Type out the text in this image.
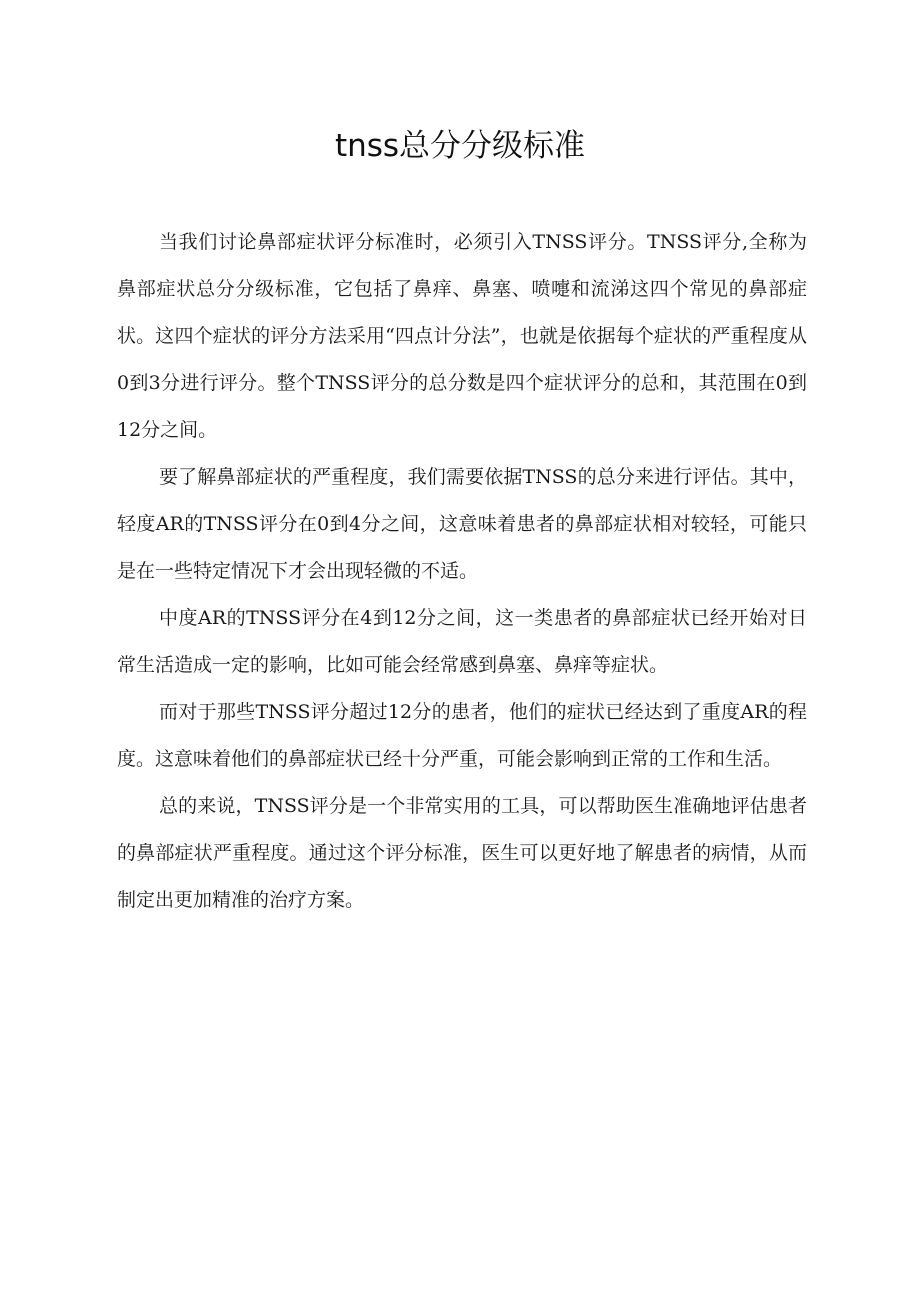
tnss总分分级标准

当我们讨论鼻部症状评分标准时，必须引入TNSS评分。TNSS评分,全称为鼻部症状总分分级标准，它包括了鼻痒、鼻塞、喷嚏和流涕这四个常见的鼻部症状。这四个症状的评分方法采用“四点计分法”，也就是依据每个症状的严重程度从0到3分进行评分。整个TNSS评分的总分数是四个症状评分的总和，其范围在0到12分之间。

要了解鼻部症状的严重程度，我们需要依据TNSS的总分来进行评估。其中，轻度AR的TNSS评分在0到4分之间，这意味着患者的鼻部症状相对较轻，可能只是在一些特定情况下才会出现轻微的不适。

中度AR的TNSS评分在4到12分之间，这一类患者的鼻部症状已经开始对日常生活造成一定的影响，比如可能会经常感到鼻塞、鼻痒等症状。

而对于那些TNSS评分超过12分的患者，他们的症状已经达到了重度AR的程度。这意味着他们的鼻部症状已经十分严重，可能会影响到正常的工作和生活。

总的来说，TNSS评分是一个非常实用的工具，可以帮助医生准确地评估患者的鼻部症状严重程度。通过这个评分标准，医生可以更好地了解患者的病情，从而制定出更加精准的治疗方案。
